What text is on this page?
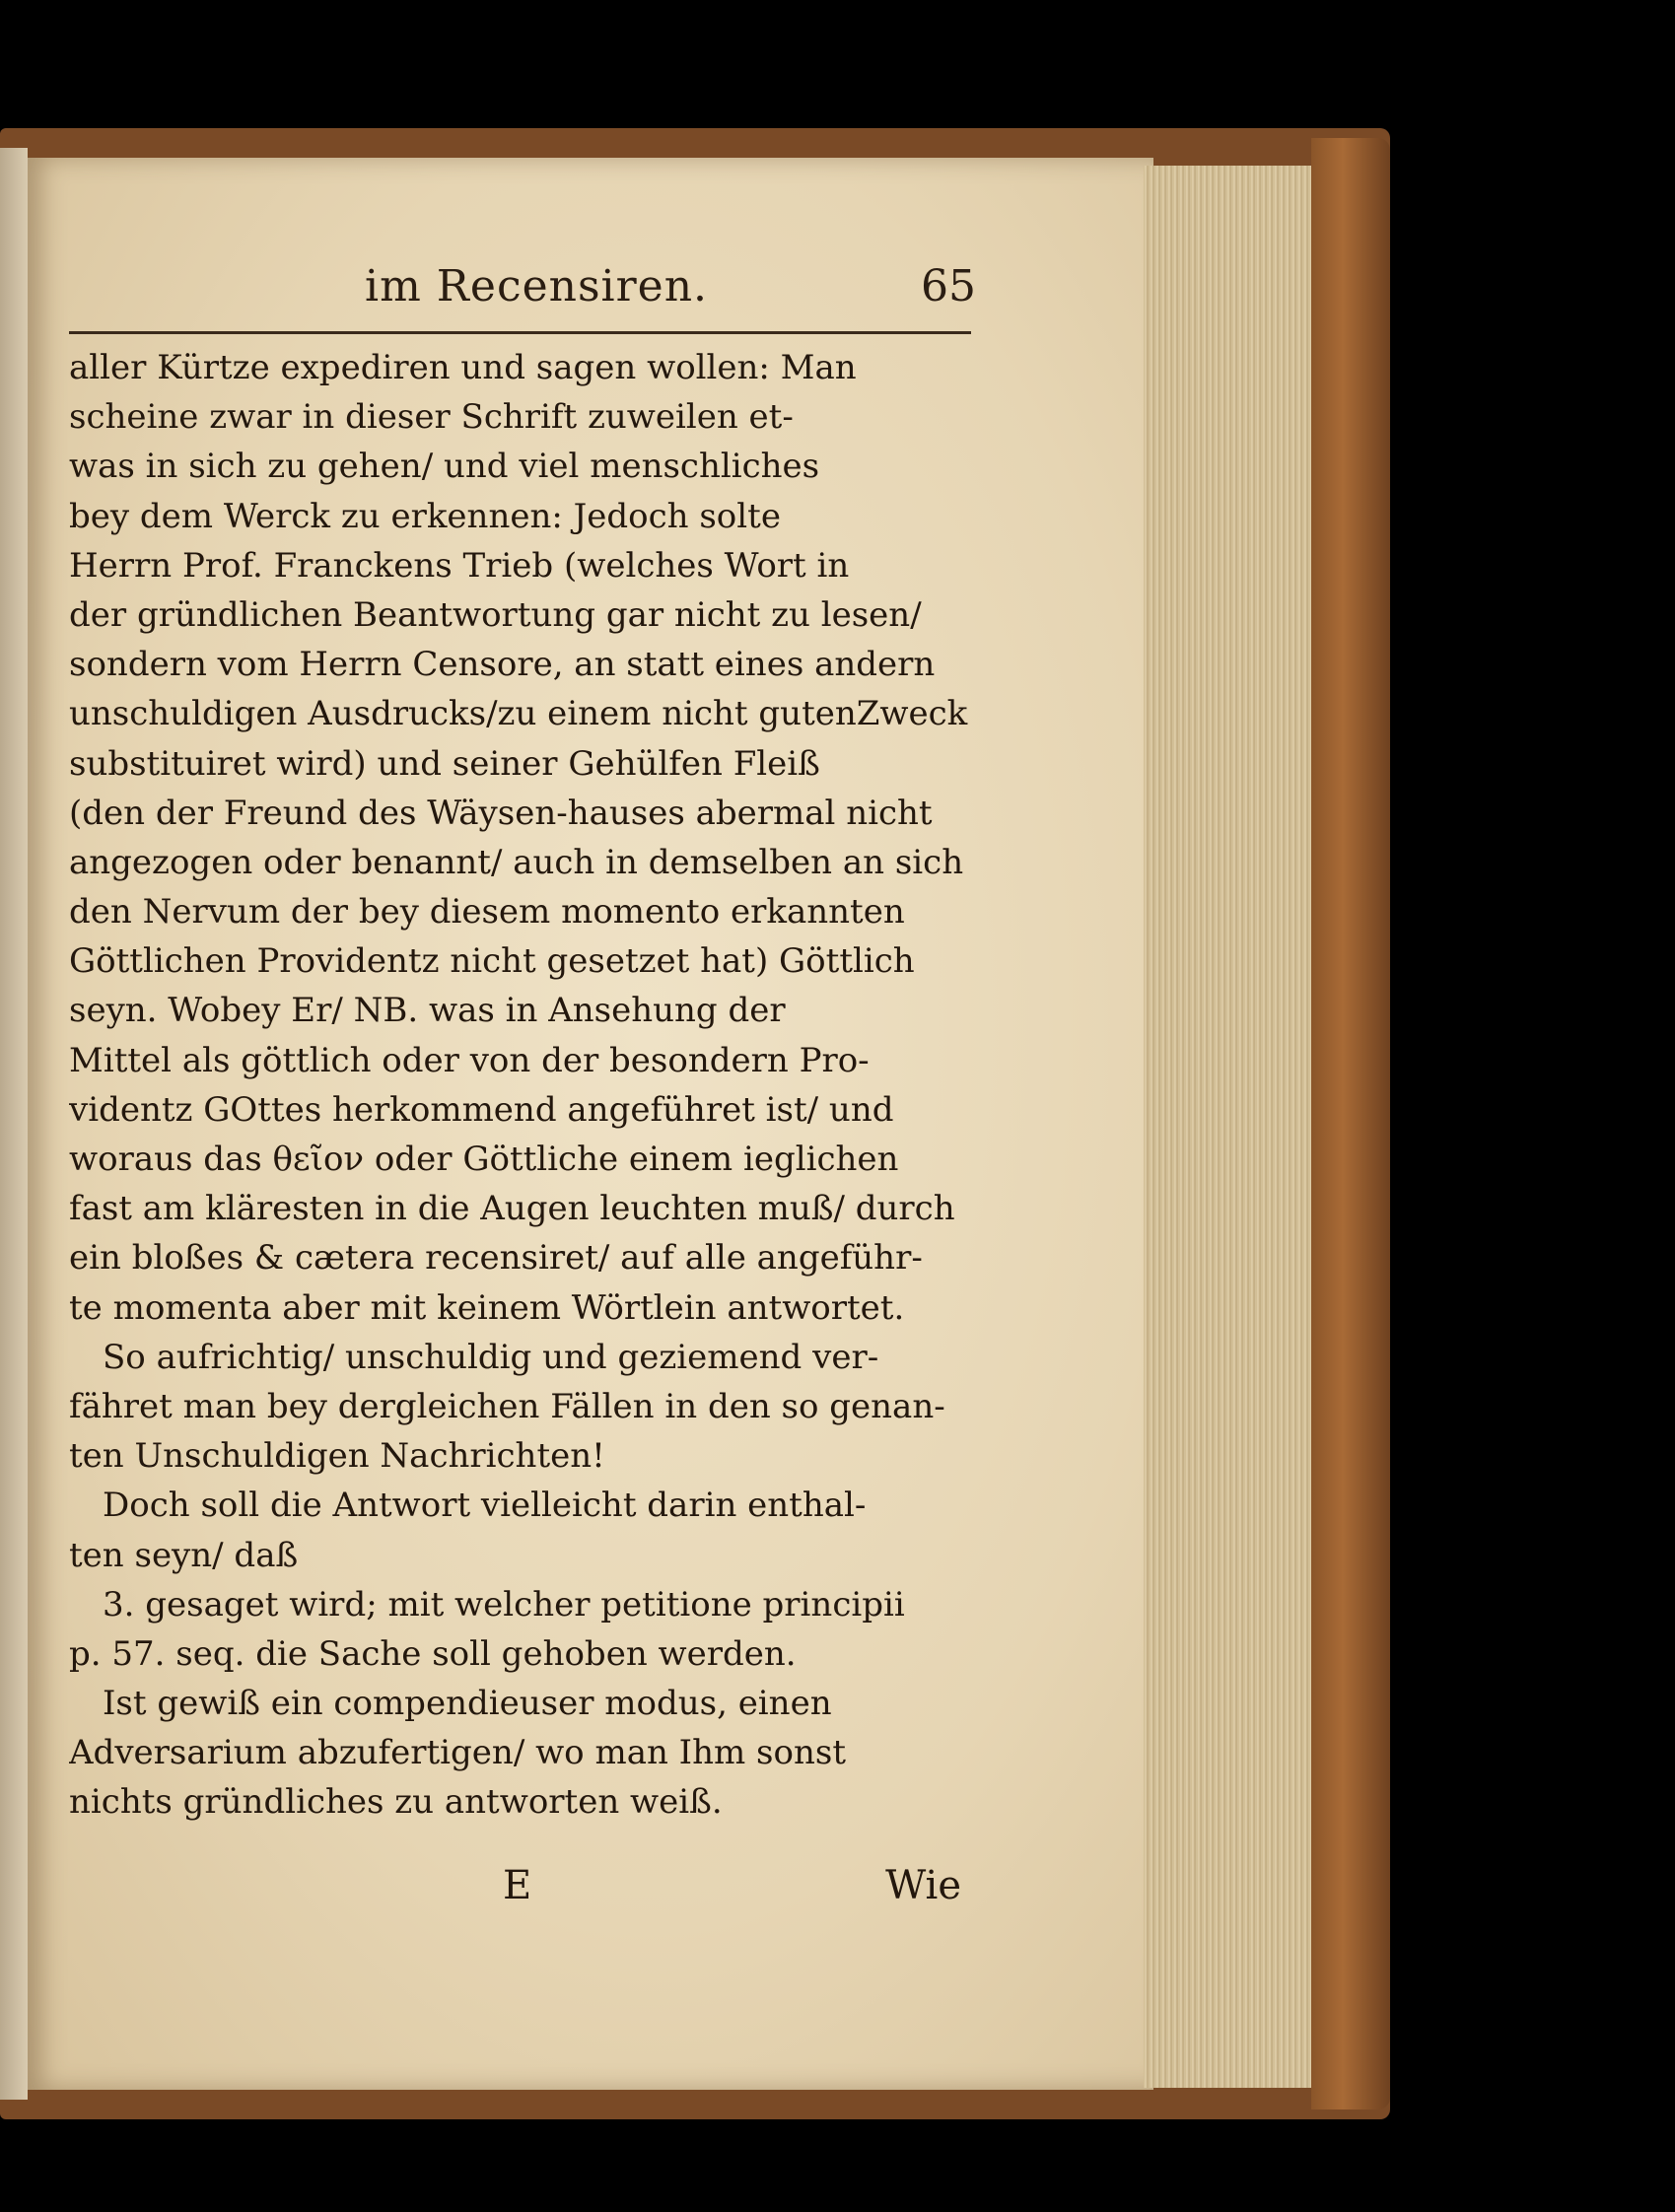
im Recensiren.	65
aller Kürtze expediren und sagen wollen: Man
scheine zwar in dieser Schrift zuweilen et-
was in sich zu gehen/ und viel menschliches
bey dem Werck zu erkennen: Jedoch solte
Herrn Prof. Franckens Trieb (welches Wort in
der gründlichen Beantwortung gar nicht zu lesen/
sondern vom Herrn Censore, an statt eines andern
unschuldigen Ausdrucks/zu einem nicht gutenZweck
substituiret wird) und seiner Gehülfen Fleiß
(den der Freund des Wäysen-hauses abermal nicht
angezogen oder benannt/ auch in demselben an sich
den Nervum der bey diesem momento erkannten
Göttlichen Providentz nicht gesetzet hat) Göttlich
seyn. Wobey Er/ NB. was in Ansehung der
Mittel als göttlich oder von der besondern Pro-
videntz GOttes herkommend angeführet ist/ und
woraus das θεῖον oder Göttliche einem ieglichen
fast am kläresten in die Augen leuchten muß/ durch
ein bloßes & cætera recensiret/ auf alle angeführ-
te momenta aber mit keinem Wörtlein antwortet.
So aufrichtig/ unschuldig und geziemend ver-
fähret man bey dergleichen Fällen in den so genan-
ten Unschuldigen Nachrichten!
Doch soll die Antwort vielleicht darin enthal-
ten seyn/ daß
3. gesaget wird; mit welcher petitione principii
p. 57. seq. die Sache soll gehoben werden.
Ist gewiß ein compendieuser modus, einen
Adversarium abzufertigen/ wo man Ihm sonst
nichts gründliches zu antworten weiß.
E	Wie
